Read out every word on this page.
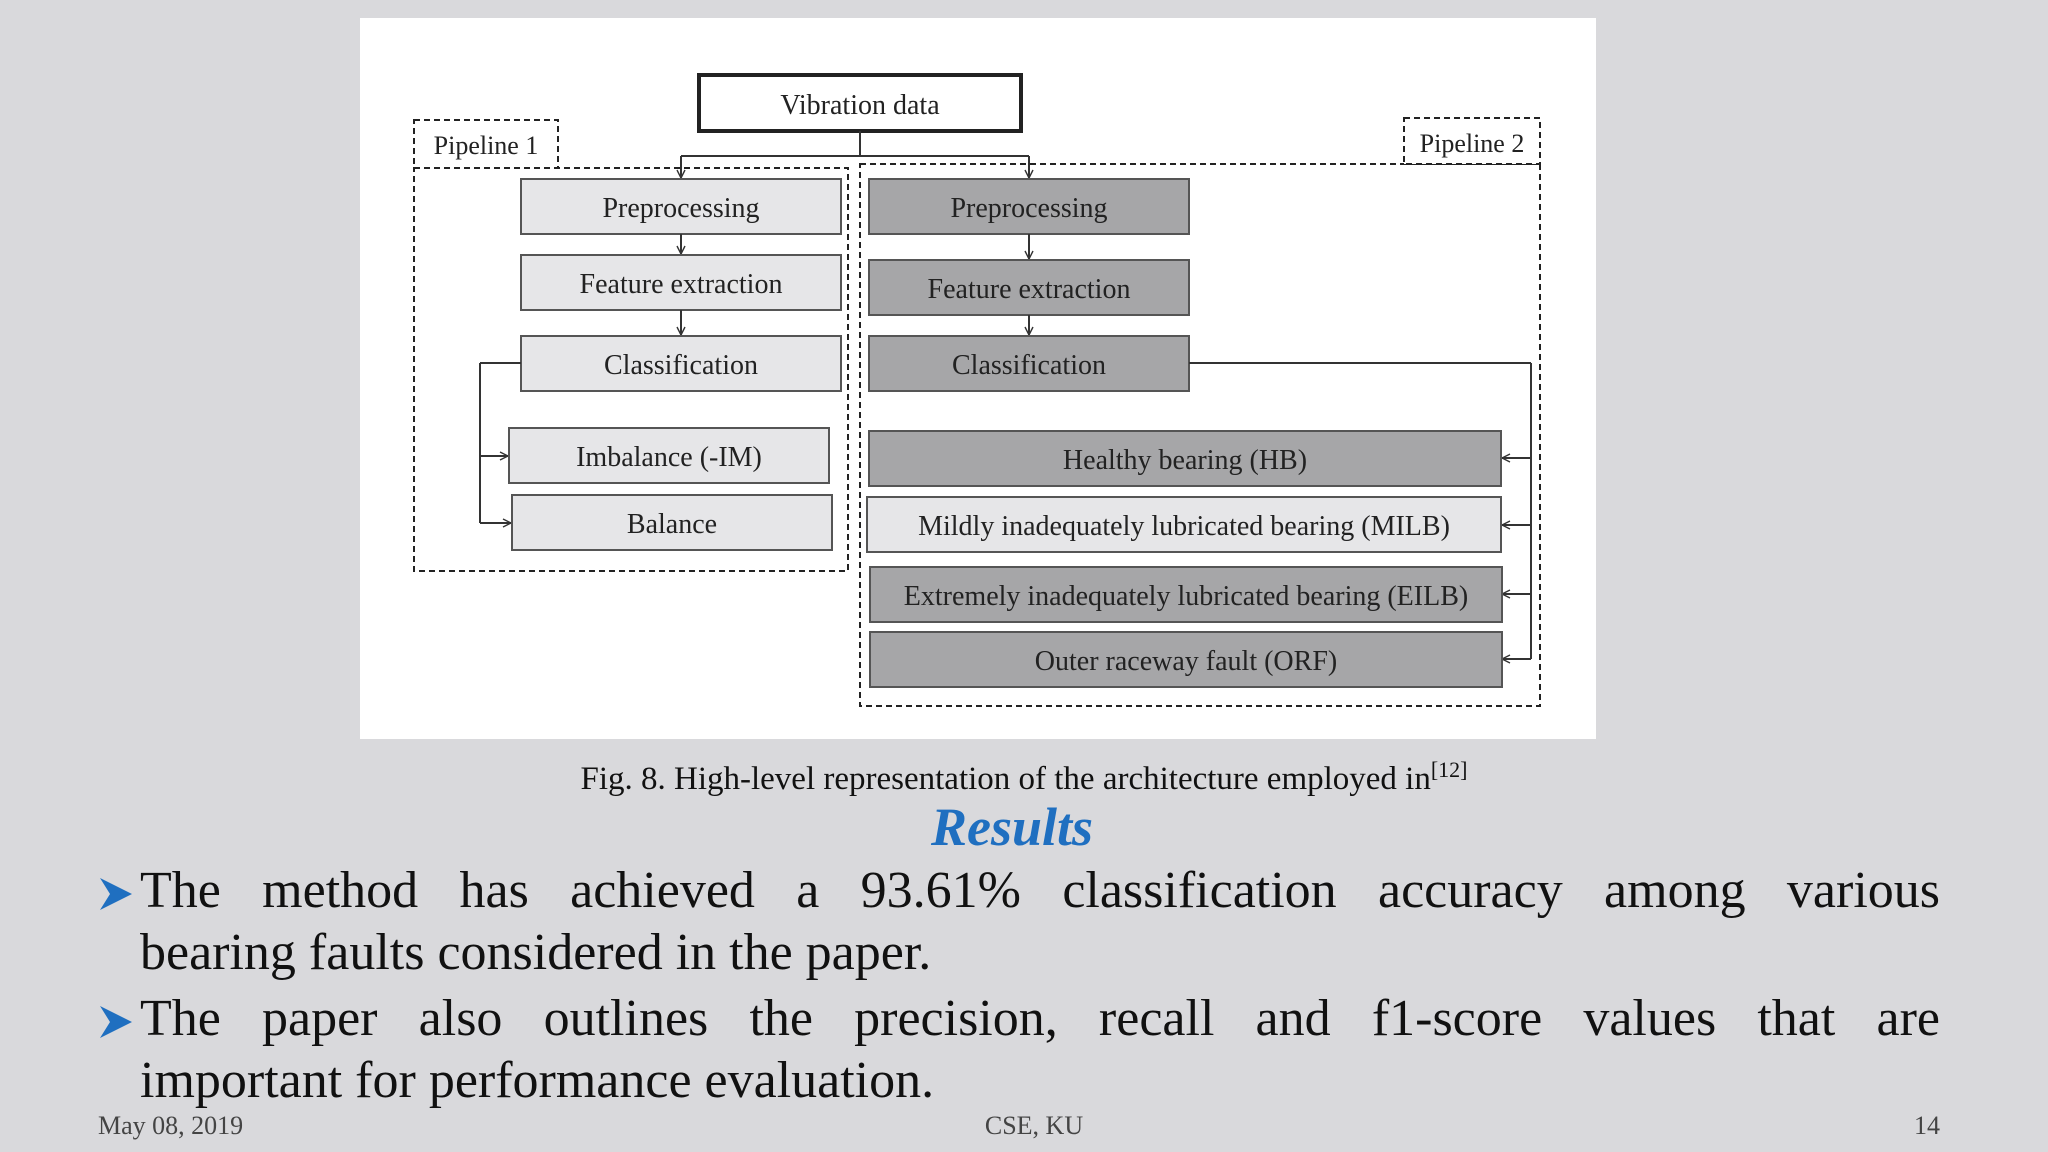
Pipeline 1	Pipeline 2
Vibration data
Preprocessing
Feature extraction
Classification
Imbalance (-IM)
Balance
Preprocessing
Feature extraction
Classification
Healthy bearing (HB)
Mildly inadequately lubricated bearing (MILB)
Extremely inadequately lubricated bearing (EILB)
Outer raceway fault (ORF)
Fig. 8. High-level representation of the architecture employed in[12]
Results
The method has achieved a 93.61% classification accuracy among various
bearing faults considered in the paper.
The paper also outlines the precision, recall and f1-score values that are
important for performance evaluation.
May 08, 2019	CSE, KU	14
